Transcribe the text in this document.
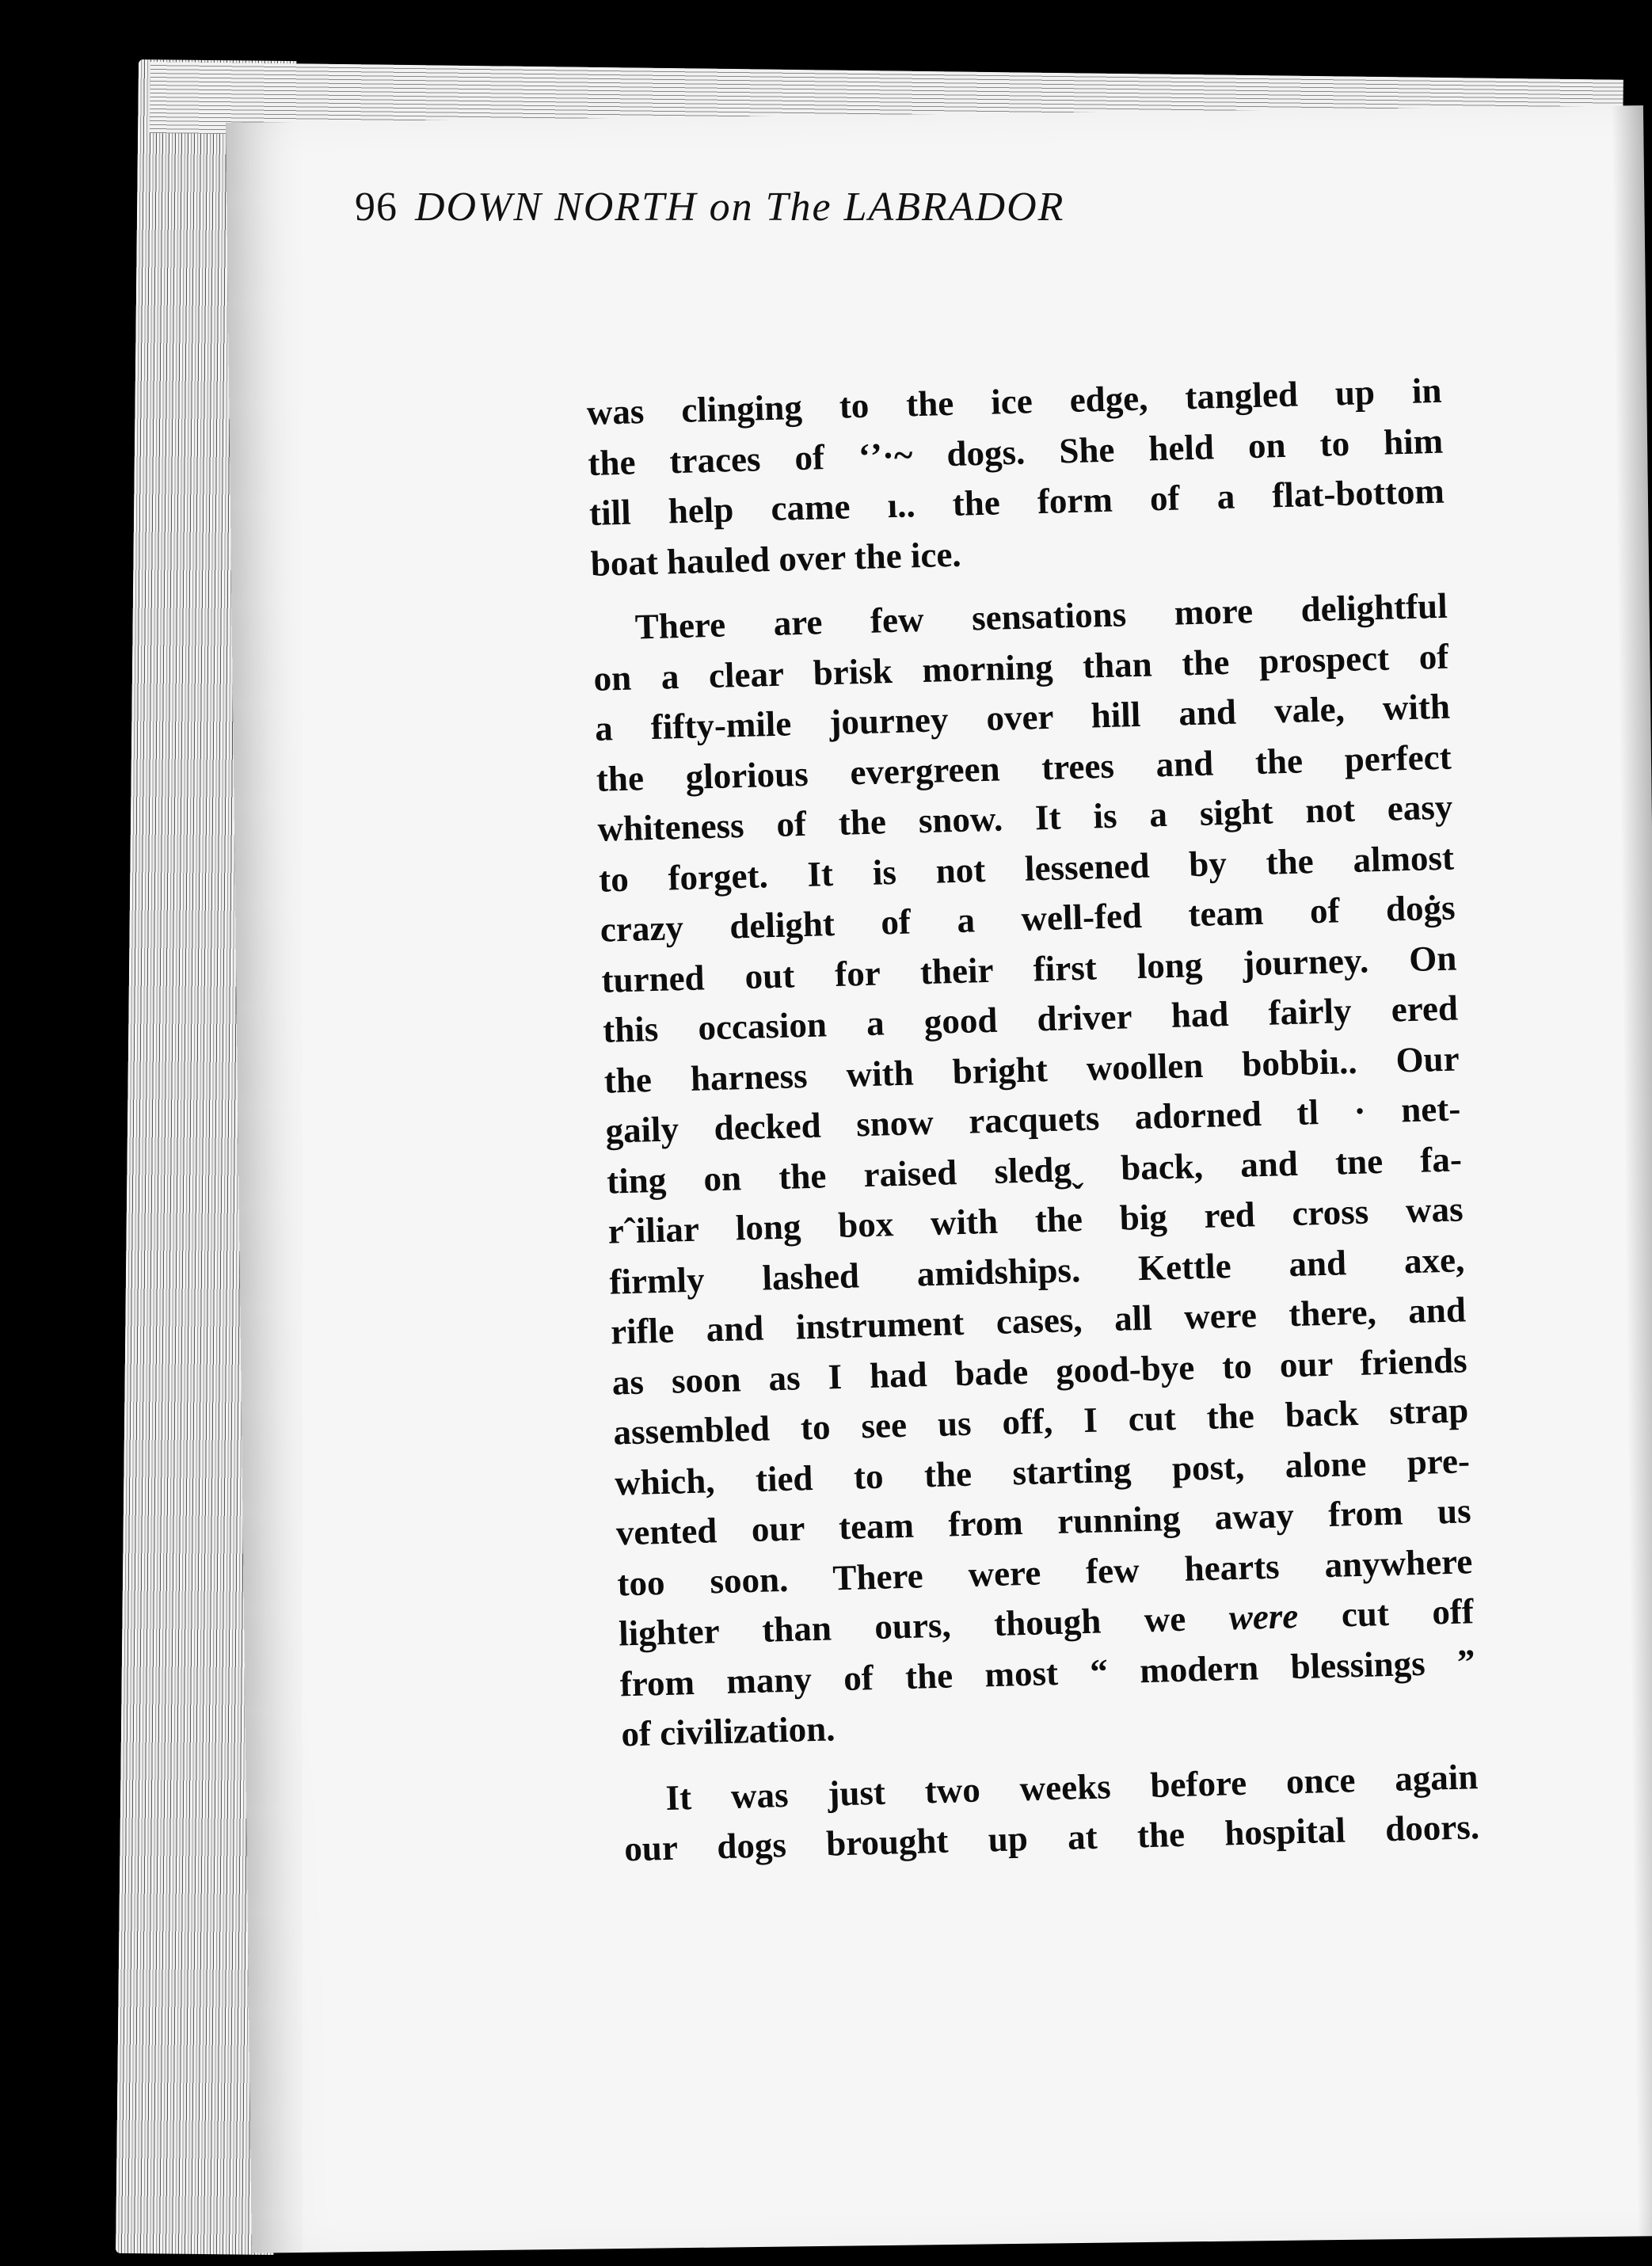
96 DOWN NORTH on The LABRADOR
was clinging to the ice edge, tangled up in
the traces of ‘’·~ dogs. She held on to him
till help came ı.. the form of a flat-bottom
boat hauled over the ice.
There are few sensations more delightful
on a clear brisk morning than the prospect of
a fifty-mile journey over hill and vale, with
the glorious evergreen trees and the perfect
whiteness of the snow. It is a sight not easy
to forget. It is not lessened by the almost
crazy delight of a well-fed team of doġs
turned out for their first long journey. On
this occasion a good driver had fairly ered
the harness with bright woollen bobbiı.. Our
gaily decked snow racquets adorned tl · net-
ting on the raised sledgˬ back, and tne fa-
rˆiliar long box with the big red cross was
firmly lashed amidships. Kettle and axe,
rifle and instrument cases, all were there, and
as soon as I had bade good-bye to our friends
assembled to see us off, I cut the back strap
which, tied to the starting post, alone pre-
vented our team from running away from us
too soon. There were few hearts anywhere
lighter than ours, though we were cut off
from many of the most “ modern blessings ”
of civilization.
It was just two weeks before once again
our dogs brought up at the hospital doors.
